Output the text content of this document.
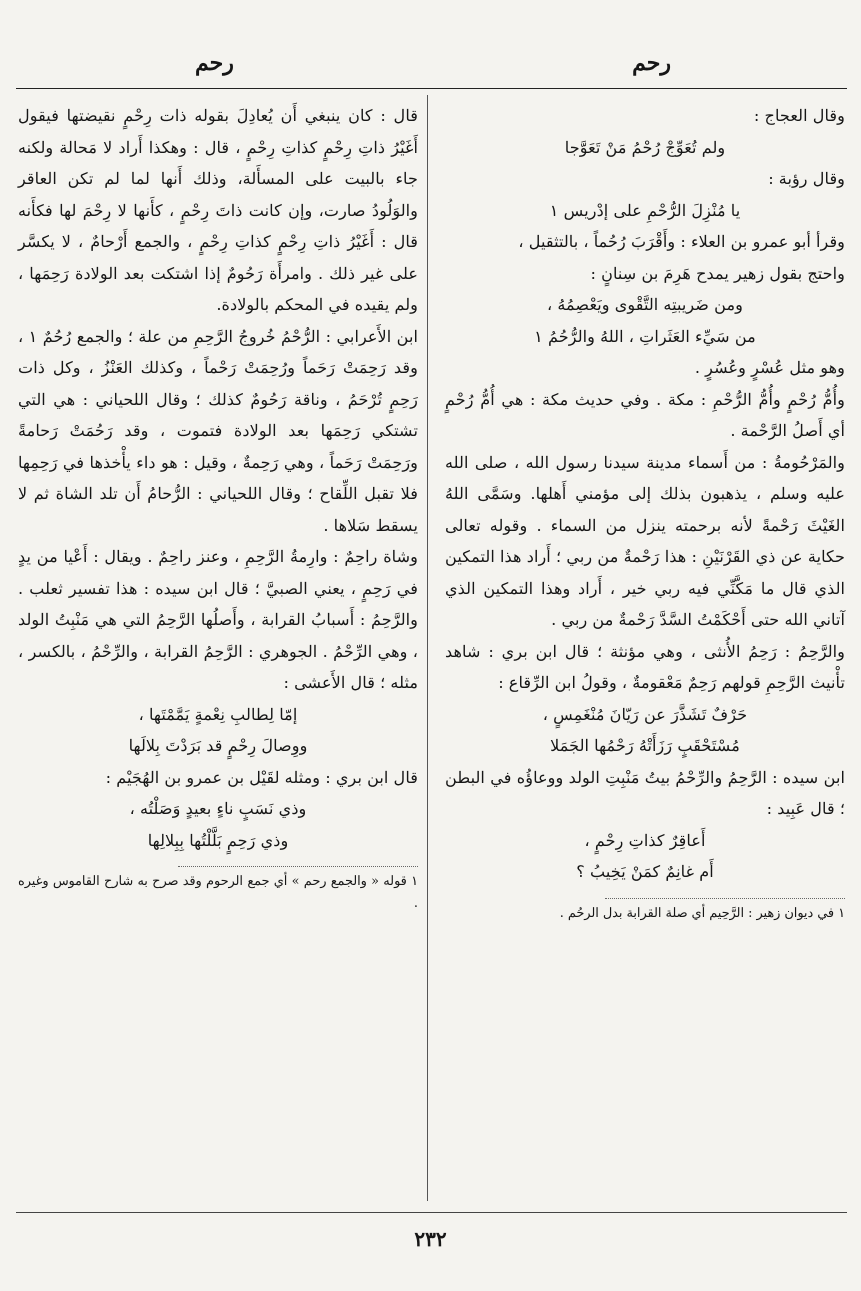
رحم
رحم

وقال العجاج :

ولم تُعَوِّجْ رُحْمُ مَنْ تَعَوَّجا

وقال رؤبة :

يا مُنْزِلَ الرُّحْمِ على إدْريس ١

وقرأ أبو عمرو بن العلاء : وأَقْرَبَ رُحُماً ، بالتثقيل ،

واحتج بقول زهير يمدح هَرِمَ بن سِنانٍ :

ومن ضَريبتِه التَّقْوى ويَعْصِمُهُ ،

من سَيِّء العَثَراتِ ، اللهُ والرُّحُمُ ١

وهو مثل عُسْرٍ وعُسُرٍ .

وأُمُّ رُحْمٍ وأُمُّ الرُّحْمِ : مكة . وفي حديث مكة : هي أُمُّ رُحْمٍ أي أَصلُ الرَّحْمة .

والمَرْحُومةُ : من أَسماء مدينة سيدنا رسول الله ، صلى الله عليه وسلم ، يذهبون بذلك إلى مؤمني أَهلها. وسَمَّى اللهُ الغَيْثَ رَحْمةً لأنه برحمته ينزل من السماء . وقوله تعالى حكاية عن ذي القَرْنَيْنِ : هذا رَحْمةٌ من ربي ؛ أَراد هذا التمكين الذي قال ما مَكَّنِّي فيه ربي خير ، أَراد وهذا التمكين الذي آتاني الله حتى أَحْكَمْتُ السَّدَّ رَحْمةٌ من ربي .

والرَّحِمُ : رَحِمُ الأُنثى ، وهي مؤنثة ؛ قال ابن بري : شاهد تأْنيث الرَّحِمِ قولهم رَحِمٌ مَعْقومةٌ ، وقولُ ابن الرِّقاع :

حَرْفٌ تَشَذَّرَ عن رَيّانَ مُنْغَمِسٍ ،

مُسْتَحْقَبٍ رَزَأَتْهُ رَحْمُها الجَمَلا

ابن سيده : الرَّحِمُ والرِّحْمُ بيتُ مَنْبِتِ الولد ووعاؤُه في البطن ؛ قال عَبِيد :

أَعاقِرٌ كذاتِ رِحْمٍ ،

أَم غانِمٌ كمَنْ يَخِيبُ ؟

١ في ديوان زهير : الرَّحِيم أي صلة القرابة بدل الرحُم .

قال : كان ينبغي أَن يُعادِلَ بقوله ذات رِحْمٍ نقيضتها فيقول أَغَيْرُ ذاتِ رِحْمٍ كذاتِ رِحْمٍ ، قال : وهكذا أَراد لا مَحالة ولكنه جاء بالبيت على المسأَلة، وذلك أَنها لما لم تكن العاقر والوَلُودُ صارت، وإن كانت ذاتَ رِحْمٍ ، كأَنها لا رِحْمَ لها فكأَنه قال : أَغَيْرُ ذاتِ رِحْمٍ كذاتِ رِحْمٍ ، والجمع أَرْحامٌ ، لا يكسَّر على غير ذلك . وامرأَة رَحُومٌ إذا اشتكت بعد الولادة رَحِمَها ، ولم يقيده في المحكم بالولادة.

ابن الأَعرابي : الرُّحْمُ خُروجُ الرَّحِمِ من علة ؛ والجمع رُحُمٌ ١ ، وقد رَحِمَتْ رَحَماً ورُحِمَتْ رَحْماً ، وكذلك العَنْزُ ، وكل ذات رَحِمٍ تُرْحَمُ ، وناقة رَحُومٌ كذلك ؛ وقال اللحياني : هي التي تشتكي رَحِمَها بعد الولادة فتموت ، وقد رَحُمَتْ رَحامةً ورَحِمَتْ رَحَماً ، وهي رَحِمةٌ ، وقيل : هو داء يأْخذها في رَحِمِها فلا تقبل اللِّقاح ؛ وقال اللحياني : الرُّحامُ أَن تلد الشاة ثم لا يسقط سَلاها .

وشاة راحِمٌ : وارِمةُ الرَّحِمِ ، وعنز راحِمٌ . ويقال : أَعْيا من يدٍ في رَحِمٍ ، يعني الصبيَّ ؛ قال ابن سيده : هذا تفسير ثعلب . والرَّحِمُ : أَسبابُ القرابة ، وأَصلُها الرَّحِمُ التي هي مَنْبِتُ الولد ، وهي الرِّحْمُ . الجوهري : الرَّحِمُ القرابة ، والرِّحْمُ ، بالكسر ، مثله ؛ قال الأَعشى :

إمّا لِطالبِ نِعْمةٍ يَمَّمْتَها ،

ووِصالَ رِحْمٍ قد بَرَدْتَ بِلالَها

قال ابن بري : ومثله لقَيْل بن عمرو بن الهُجَيْم :

وذي نَسَبٍ ناءٍ بعيدٍ وَصَلْتُه ،

وذي رَحِمٍ بَلَّلْتُها بِبِلالِها

١ قوله « والجمع رحم » أي جمع الرحوم وقد صرح به شارح القاموس وغيره .

٢٣٢
